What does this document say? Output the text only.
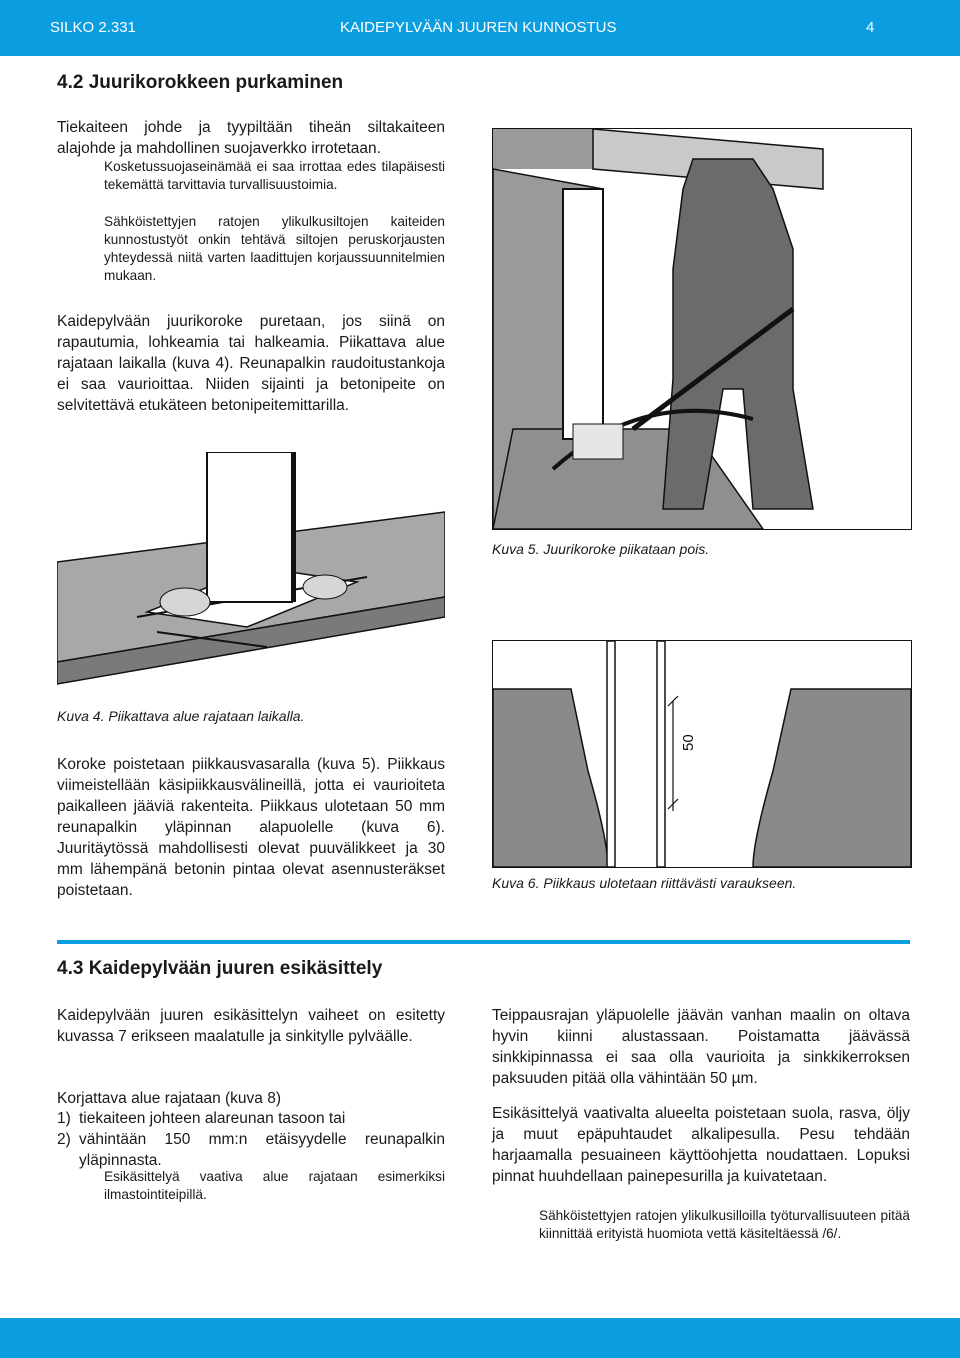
SILKO 2.331	KAIDEPYLVÄÄN JUUREN KUNNOSTUS	4
4.2 Juurikorokkeen purkaminen

Tiekaiteen johde ja tyypiltään tiheän siltakaiteen alajohde ja mahdollinen suojaverkko irrotetaan.

Kosketussuojaseinämää ei saa irrottaa edes tilapäisesti tekemättä tarvittavia turvallisuustoimia.

Sähköistettyjen ratojen ylikulkusiltojen kaiteiden kunnostustyöt onkin tehtävä siltojen peruskorjausten yhteydessä niitä varten laadittujen korjaussuunnitelmien mukaan.

Kaidepylvään juurikoroke puretaan, jos siinä on rapautumia, lohkeamia tai halkeamia. Piikattava alue rajataan laikalla (kuva 4). Reunapalkin raudoitustankoja ei saa vaurioittaa. Niiden sijainti ja betonipeite on selvitettävä etukäteen betonipeitemittarilla.

Kuva 5. Juurikoroke piikataan pois.

Kuva 4. Piikattava alue rajataan laikalla.

50

Kuva 6. Piikkaus ulotetaan riittävästi varaukseen.

Koroke poistetaan piikkausvasaralla (kuva 5). Piikkaus viimeistellään käsipiikkausvälineillä, jotta ei vaurioiteta paikalleen jääviä rakenteita. Piikkaus ulotetaan 50 mm reunapalkin yläpinnan alapuolelle (kuva 6). Juuritäytössä mahdollisesti olevat puuvälikkeet ja 30 mm lähempänä betonin pintaa olevat asennusteräkset poistetaan.

4.3 Kaidepylvään juuren esikäsittely

Kaidepylvään juuren esikäsittelyn vaiheet on esitetty kuvassa 7 erikseen maalatulle ja sinkitylle pylväälle.

Korjattava alue rajataan (kuva 8)

1) tiekaiteen johteen alareunan tasoon tai
2) vähintään 150 mm:n etäisyydelle reunapalkin yläpinnasta.

Esikäsittelyä vaativa alue rajataan esimerkiksi ilmastointiteipillä.

Teippausrajan yläpuolelle jäävän vanhan maalin on oltava hyvin kiinni alustassaan. Poistamatta jäävässä sinkkipinnassa ei saa olla vaurioita ja sinkkikerroksen paksuuden pitää olla vähintään 50 µm.

Esikäsittelyä vaativalta alueelta poistetaan suola, rasva, öljy ja muut epäpuhtaudet alkalipesulla. Pesu tehdään harjaamalla pesuaineen käyttöohjetta noudattaen. Lopuksi pinnat huuhdellaan painepesurilla ja kuivatetaan.

Sähköistettyjen ratojen ylikulkusilloilla työturvallisuuteen pitää kiinnittää erityistä huomiota vettä käsiteltäessä /6/.
